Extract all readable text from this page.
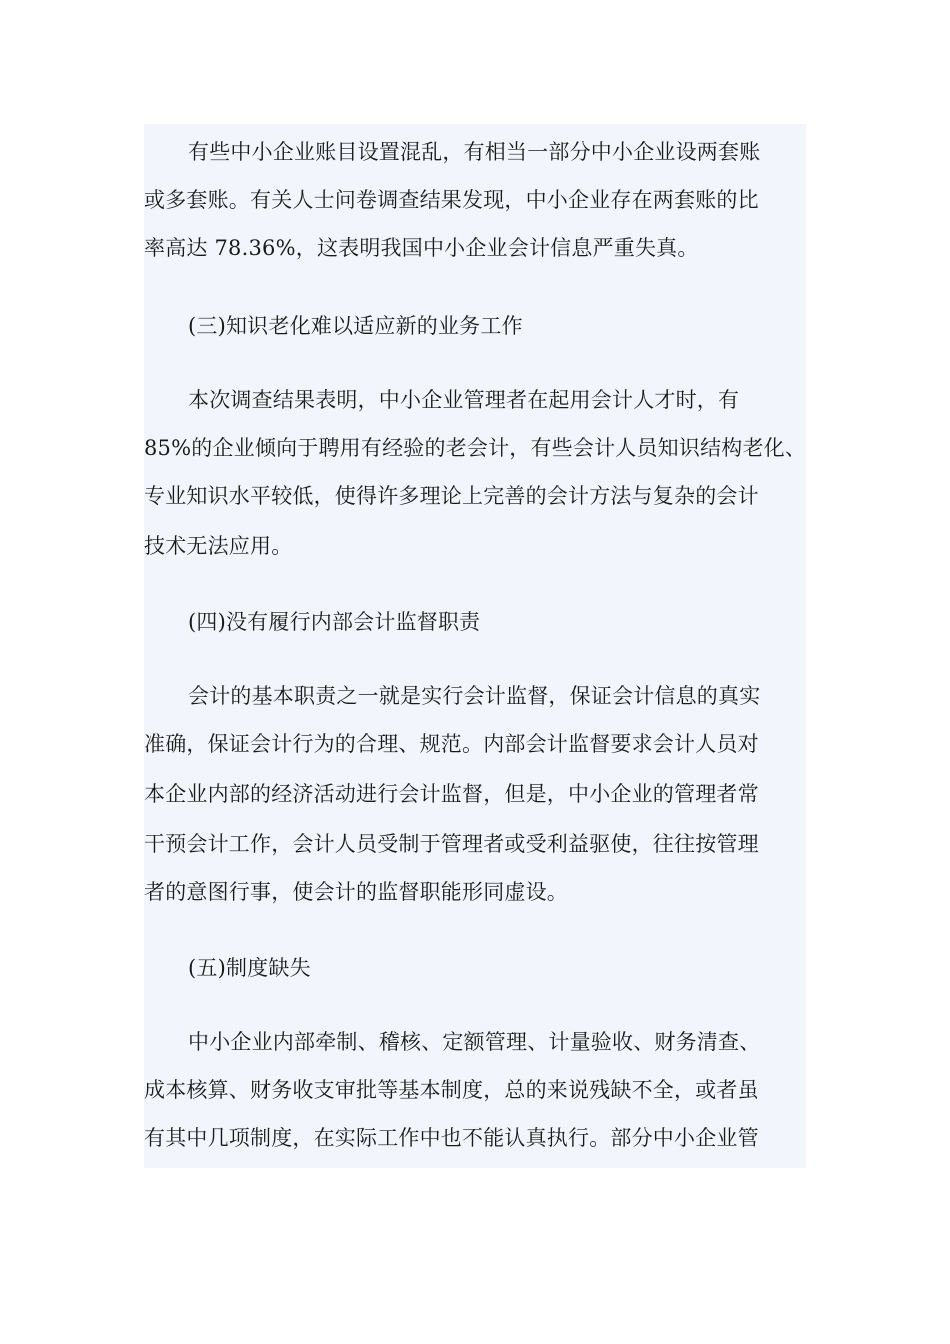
有些中小企业账目设置混乱，有相当一部分中小企业设两套账
或多套账。有关人士问卷调查结果发现，中小企业存在两套账的比
率高达 78.36%，这表明我国中小企业会计信息严重失真。
(三)知识老化难以适应新的业务工作
本次调查结果表明，中小企业管理者在起用会计人才时，有
85%的企业倾向于聘用有经验的老会计，有些会计人员知识结构老化、
专业知识水平较低，使得许多理论上完善的会计方法与复杂的会计
技术无法应用。
(四)没有履行内部会计监督职责
会计的基本职责之一就是实行会计监督，保证会计信息的真实
准确，保证会计行为的合理、规范。内部会计监督要求会计人员对
本企业内部的经济活动进行会计监督，但是，中小企业的管理者常
干预会计工作，会计人员受制于管理者或受利益驱使，往往按管理
者的意图行事，使会计的监督职能形同虚设。
(五)制度缺失
中小企业内部牵制、稽核、定额管理、计量验收、财务清查、
成本核算、财务收支审批等基本制度，总的来说残缺不全，或者虽
有其中几项制度，在实际工作中也不能认真执行。部分中小企业管
